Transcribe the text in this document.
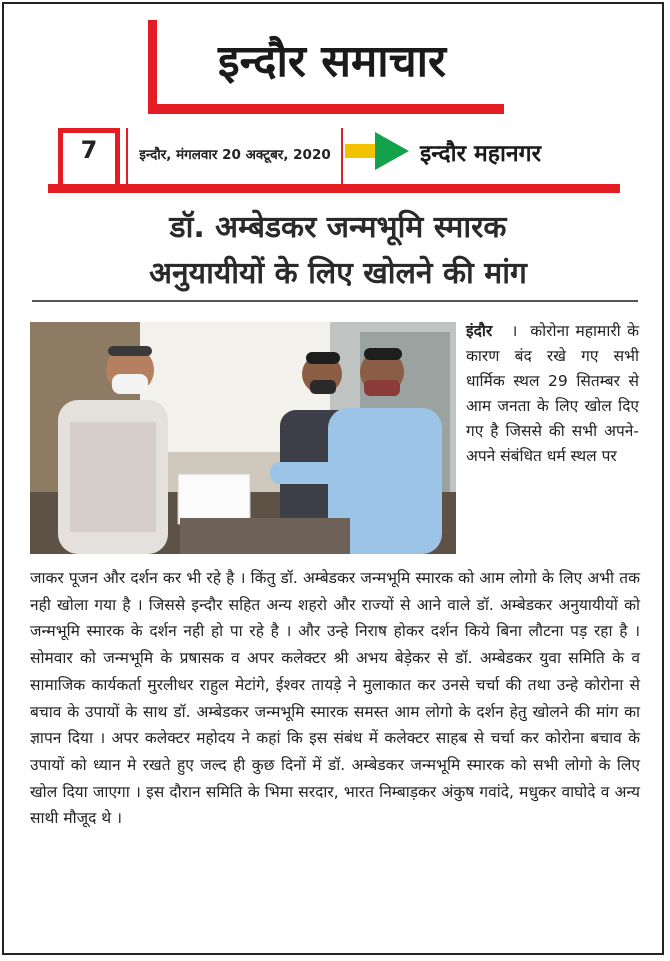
इन्दौर समाचार
7	इन्दौर, मंगलवार 20 अक्टूबर, 2020	इन्दौर महानगर
डॉ. अम्बेडकर जन्मभूमि स्मारक
अनुयायीयों के लिए खोलने की मांग

इंदौर । कोरोना महामारी के कारण बंद रखे गए सभी धार्मिक स्थल 29 सितम्बर से आम जनता के लिए खोल दिए गए है जिससे की सभी अपने-अपने संबंधित धर्म स्थल पर

जाकर पूजन और दर्शन कर भी रहे है । किंतु डॉ. अम्बेडकर जन्मभूमि स्मारक को आम लोगो के लिए अभी तक नही खोला गया है । जिससे इन्दौर सहित अन्य शहरो और राज्यों से आने वाले डॉ. अम्बेडकर अनुयायीयों को जन्मभूमि स्मारक के दर्शन नही हो पा रहे है । और उन्हे निराष होकर दर्शन किये बिना लौटना पड़ रहा है । सोमवार को जन्मभूमि के प्रषासक व अपर कलेक्टर श्री अभय बेड़ेकर से डॉ. अम्बेडकर युवा समिति के व सामाजिक कार्यकर्ता मुरलीधर राहुल मेटांगे, ईश्वर तायड़े ने मुलाकात कर उनसे चर्चा की तथा उन्हे कोरोना से बचाव के उपायों के साथ डॉ. अम्बेडकर जन्मभूमि स्मारक समस्त आम लोगो के दर्शन हेतु खोलने की मांग का ज्ञापन दिया । अपर कलेक्टर महोदय ने कहां कि इस संबंध में कलेक्टर साहब से चर्चा कर कोरोना बचाव के उपायों को ध्यान मे रखते हुए जल्द ही कुछ दिनों में डॉ. अम्बेडकर जन्मभूमि स्मारक को सभी लोगो के लिए खोल दिया जाएगा । इस दौरान समिति के भिमा सरदार, भारत निम्बाड़कर अंकुष गवांदे, मधुकर वाघोदे व अन्य साथी मौजूद थे ।
